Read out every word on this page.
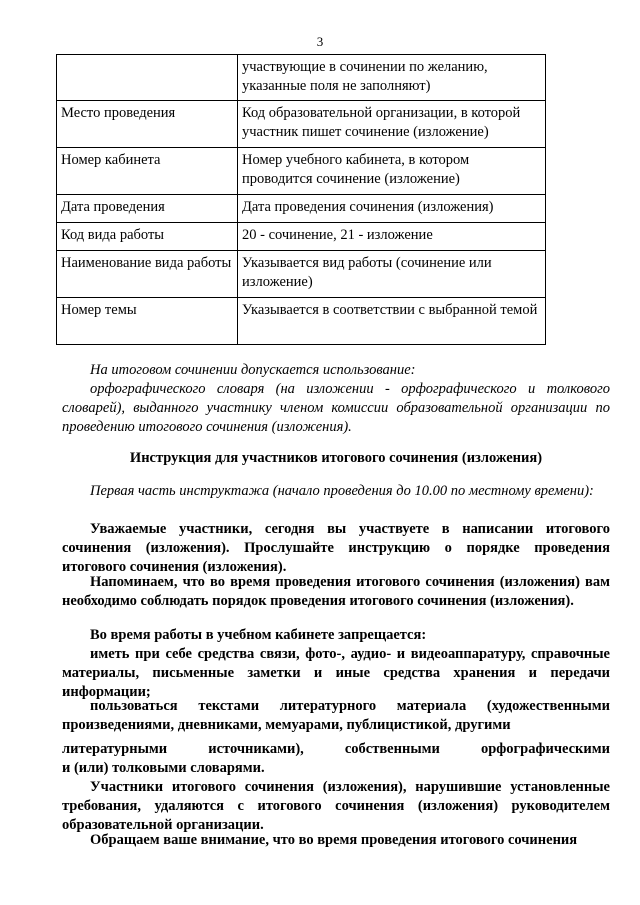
3
	участвующие в сочинении по желанию, указанные поля не заполняют)
Место проведения	Код образовательной организации, в которой участник пишет сочинение (изложение)
Номер кабинета	Номер учебного кабинета, в котором проводится сочинение (изложение)
Дата проведения	Дата проведения сочинения (изложения)
Код вида работы	20 - сочинение, 21 - изложение
Наименование вида работы	Указывается вид работы (сочинение или изложение)
Номер темы	Указывается в соответствии с выбранной темой

На итоговом сочинении допускается использование:

орфографического словаря (на изложении - орфографического и толкового словарей), выданного участнику членом комиссии образовательной организации по проведению итогового сочинения (изложения).

Инструкция для участников итогового сочинения (изложения)

Первая часть инструктажа (начало проведения до 10.00 по местному времени):

Уважаемые участники, сегодня вы участвуете в написании итогового сочинения (изложения). Прослушайте инструкцию о порядке проведения итогового сочинения (изложения).

Напоминаем, что во время проведения итогового сочинения (изложения) вам необходимо соблюдать порядок проведения итогового сочинения (изложения).

Во время работы в учебном кабинете запрещается:

иметь при себе средства связи, фото-, аудио- и видеоаппаратуру, справочные материалы, письменные заметки и иные средства хранения и передачи информации;

пользоваться текстами литературного материала (художественными произведениями, дневниками, мемуарами, публицистикой, другими

литературными источниками), собственными орфографическими

и (или) толковыми словарями.

Участники итогового сочинения (изложения), нарушившие установленные требования, удаляются с итогового сочинения (изложения) руководителем образовательной организации.

Обращаем ваше внимание, что во время проведения итогового сочинения
